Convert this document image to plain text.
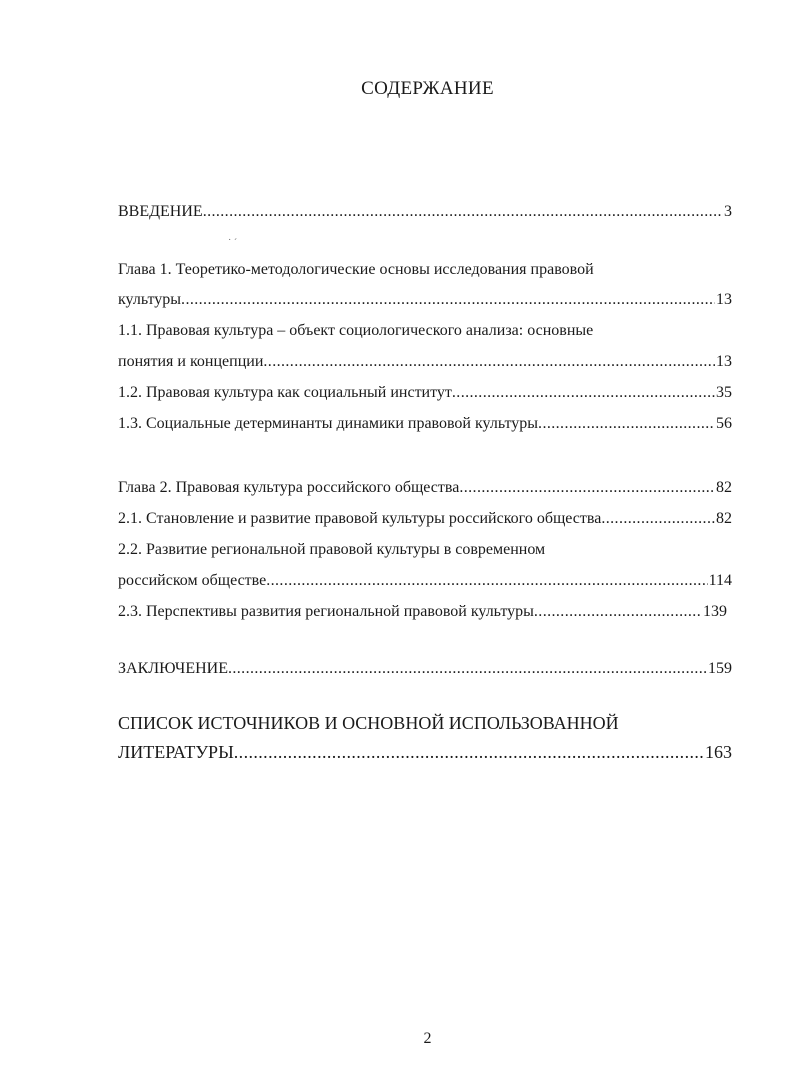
СОДЕРЖАНИЕ
ВВЕДЕНИЕ .....	3
˙ ˊ
Глава 1. Теоретико-методологические основы исследования правовой
культуры .....	13
1.1. Правовая культура – объект социологического анализа: основные
понятия и концепции .....	13
1.2. Правовая культура как социальный институт .....	35
1.3. Социальные детерминанты динамики правовой культуры .....	56
Глава 2. Правовая культура российского общества .....	82
2.1. Становление и развитие правовой культуры российского общества .....	82
2.2. Развитие региональной правовой культуры в современном
российском обществе .....	114
2.3. Перспективы развития региональной правовой культуры .....	139
ЗАКЛЮЧЕНИЕ .....	159
СПИСОК ИСТОЧНИКОВ И ОСНОВНОЙ ИСПОЛЬЗОВАННОЙ
ЛИТЕРАТУРЫ .....	163
2
